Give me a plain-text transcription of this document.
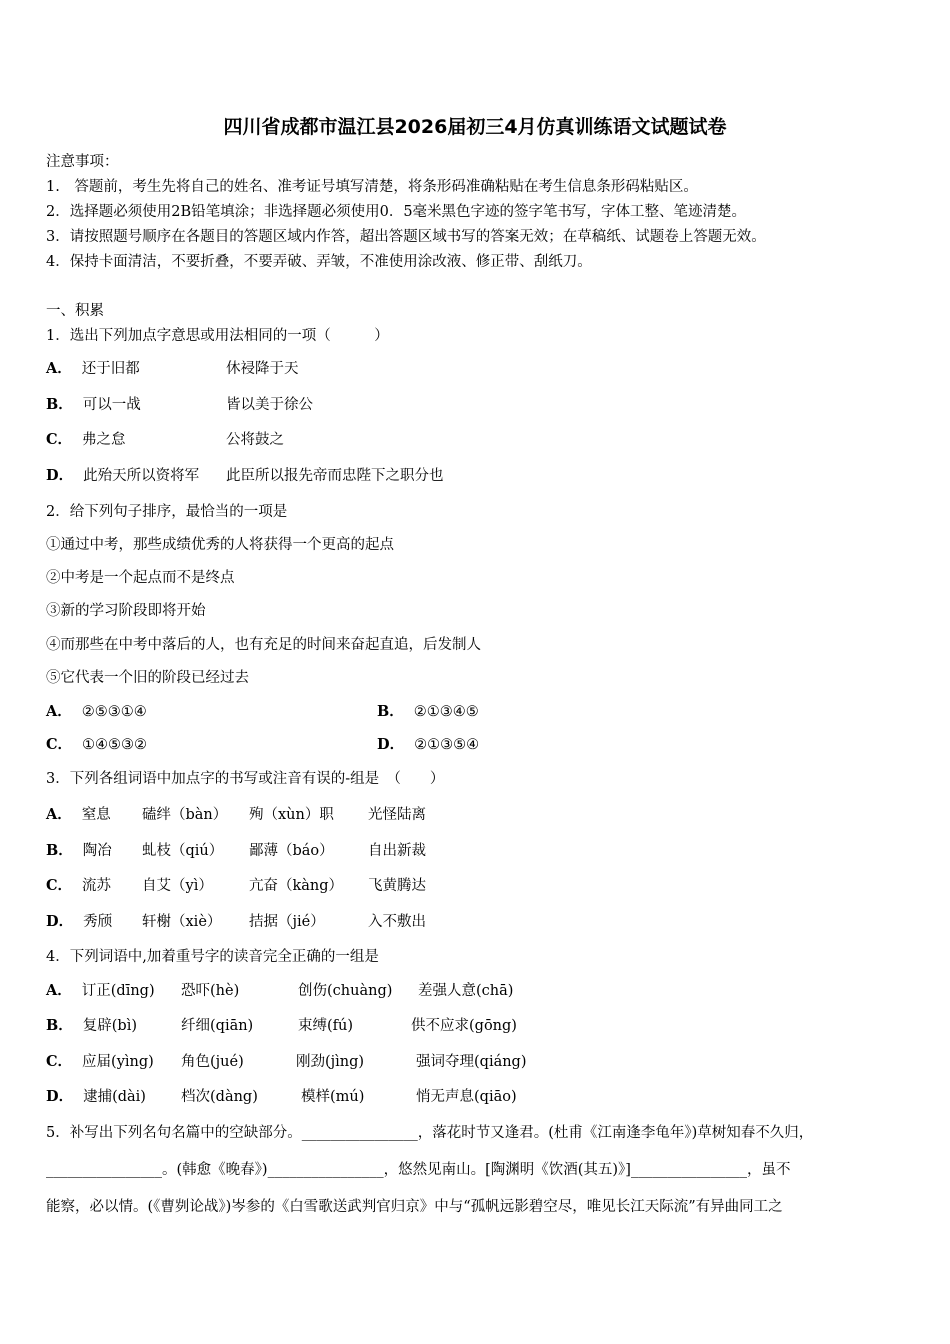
四川省成都市温江县2026届初三4月仿真训练语文试题试卷
注意事项：
1.　答题前，考生先将自己的姓名、准考证号填写清楚，将条形码准确粘贴在考生信息条形码粘贴区。
2．选择题必须使用2B铅笔填涂；非选择题必须使用0．5毫米黑色字迹的签字笔书写，字体工整、笔迹清楚。
3．请按照题号顺序在各题目的答题区域内作答，超出答题区域书写的答案无效；在草稿纸、试题卷上答题无效。
4．保持卡面清洁，不要折叠，不要弄破、弄皱，不准使用涂改液、修正带、刮纸刀。
一、积累
1．选出下列加点字意思或用法相同的一项（　　　）
A． 还于旧都	休祲降于天
B． 可以一战	皆以美于徐公
C． 弗之怠	公将鼓之
D． 此殆天所以资将军 此臣所以报先帝而忠陛下之职分也
2．给下列句子排序，最恰当的一项是
①通过中考，那些成绩优秀的人将获得一个更高的起点
②中考是一个起点而不是终点
③新的学习阶段即将开始
④而那些在中考中落后的人，也有充足的时间来奋起直追，后发制人
⑤它代表一个旧的阶段已经过去
A． ②⑤③①④	B． ②①③④⑤
C． ①④⑤③②	D． ②①③⑤④
3．下列各组词语中加点字的书写或注音有误的-组是　（　　）
A． 窒息 磕绊（bàn） 殉（xùn）职 光怪陆离
B． 陶冶 虬枝（qiú） 鄙薄（báo） 自出新裁
C． 流苏 自艾（yì） 亢奋（kàng） 飞黄腾达
D． 秀颀 轩榭（xiè） 拮据（jié）	入不敷出
4．下列词语中,加着重号字的读音完全正确的一组是
A． 订正(dīng) 恐吓(hè)	创伤(chuàng) 差强人意(chā)
B． 复辟(bì)	纤细(qiān)	束缚(fú)	供不应求(gōng)
C． 应届(yìng) 角色(jué)	刚劲(jìng)	强词夺理(qiáng)
D． 逮捕(dài) 档次(dàng)	模样(mú)	悄无声息(qiāo)
5．补写出下列名句名篇中的空缺部分。________________，落花时节又逢君。(杜甫《江南逢李龟年》)草树知春不久归，
________________。(韩愈《晚春》)________________，悠然见南山。[陶渊明《饮酒(其五)》]________________，虽不
能察，必以情。(《曹刿论战》)岑参的《白雪歌送武判官归京》中与“孤帆远影碧空尽，唯见长江天际流”有异曲同工之
